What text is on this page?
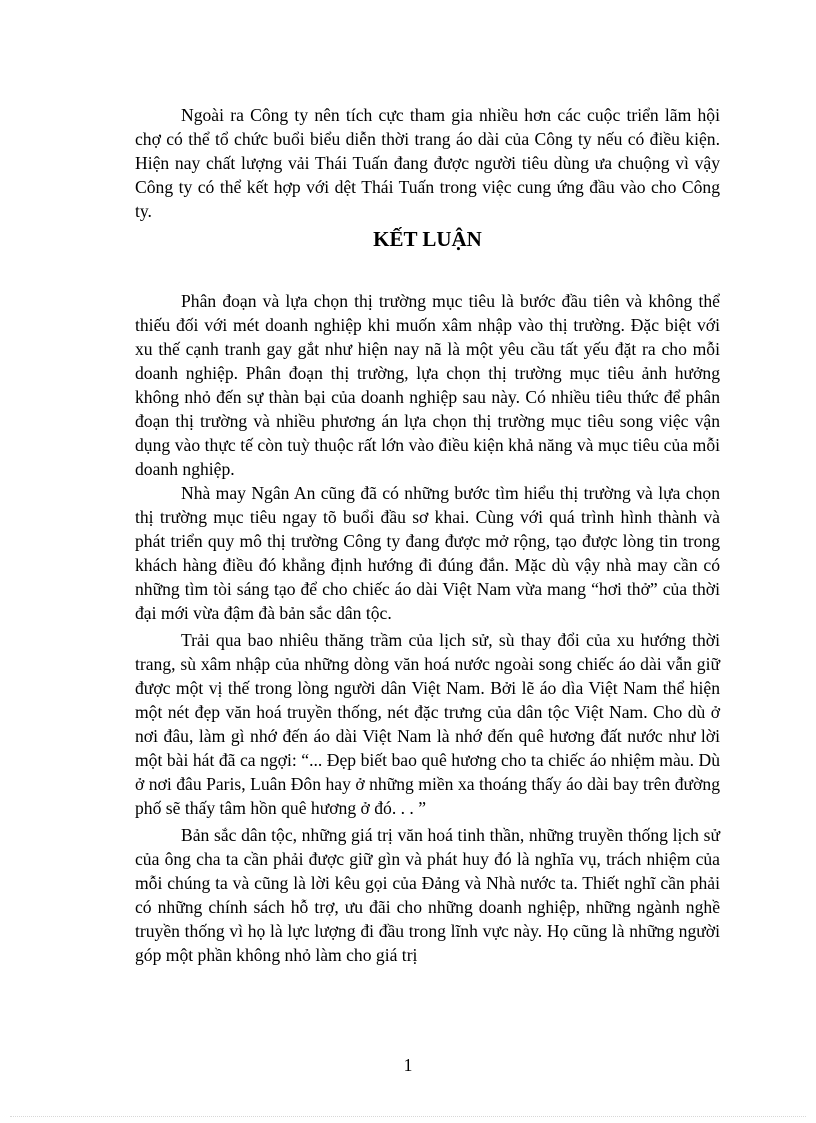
Ngoài ra Công ty nên tích cực tham gia nhiều hơn các cuộc triển lãm hội chợ có thể tổ chức buổi biểu diễn thời trang áo dài của Công ty nếu có điều kiện. Hiện nay chất lượng vải Thái Tuấn đang được người tiêu dùng ưa chuộng vì vậy Công ty có thể kết hợp với dệt Thái Tuấn trong việc cung ứng đầu vào cho Công ty.

KẾT LUẬN

Phân đoạn và lựa chọn thị trường mục tiêu là bước đầu tiên và không thể thiếu đối với mét doanh nghiệp khi muốn xâm nhập vào thị trường. Đặc biệt với xu thế cạnh tranh gay gắt như hiện nay nã là một yêu cầu tất yếu đặt ra cho mỗi doanh nghiệp. Phân đoạn thị trường, lựa chọn thị trường mục tiêu ảnh hưởng không nhỏ đến sự thàn bại của doanh nghiệp sau này. Có nhiều tiêu thức để phân đoạn thị trường và nhiều phương án lựa chọn thị trường mục tiêu song việc vận dụng vào thực tế còn tuỳ thuộc rất lớn vào điều kiện khả năng và mục tiêu của mỗi doanh nghiệp.

Nhà may Ngân An cũng đã có những bước tìm hiểu thị trường và lựa chọn thị trường mục tiêu ngay tõ buổi đầu sơ khai. Cùng với quá trình hình thành và phát triển quy mô thị trường Công ty đang được mở rộng, tạo được lòng tin trong khách hàng điều đó khẳng định hướng đi đúng đắn. Mặc dù vậy nhà may cần có những tìm tòi sáng tạo để cho chiếc áo dài Việt Nam vừa mang “hơi thở” của thời đại mới vừa đậm đà bản sắc dân tộc.

Trải qua bao nhiêu thăng trầm của lịch sử, sù thay đổi của xu hướng thời trang, sù xâm nhập của những dòng văn hoá nước ngoài song chiếc áo dài vẫn giữ được một vị thế trong lòng người dân Việt Nam. Bởi lẽ áo dìa Việt Nam thể hiện một nét đẹp văn hoá truyền thống, nét đặc trưng của dân tộc Việt Nam. Cho dù ở nơi đâu, làm gì nhớ đến áo dài Việt Nam là nhớ đến quê hương đất nước như lời một bài hát đã ca ngợi: “... Đẹp biết bao quê hương cho ta chiếc áo nhiệm màu. Dù ở nơi đâu Paris, Luân Đôn hay ở những miền xa thoáng thấy áo dài bay trên đường phố sẽ thấy tâm hồn quê hương ở đó. . . ”

Bản sắc dân tộc, những giá trị văn hoá tinh thần, những truyền thống lịch sử của ông cha ta cần phải được giữ gìn và phát huy đó là nghĩa vụ, trách nhiệm của mỗi chúng ta và cũng là lời kêu gọi của Đảng và Nhà nước ta. Thiết nghĩ cần phải có những chính sách hỗ trợ, ưu đãi cho những doanh nghiệp, những ngành nghề truyền thống vì họ là lực lượng đi đầu trong lĩnh vực này. Họ cũng là những người góp một phần không nhỏ làm cho giá trị

1
